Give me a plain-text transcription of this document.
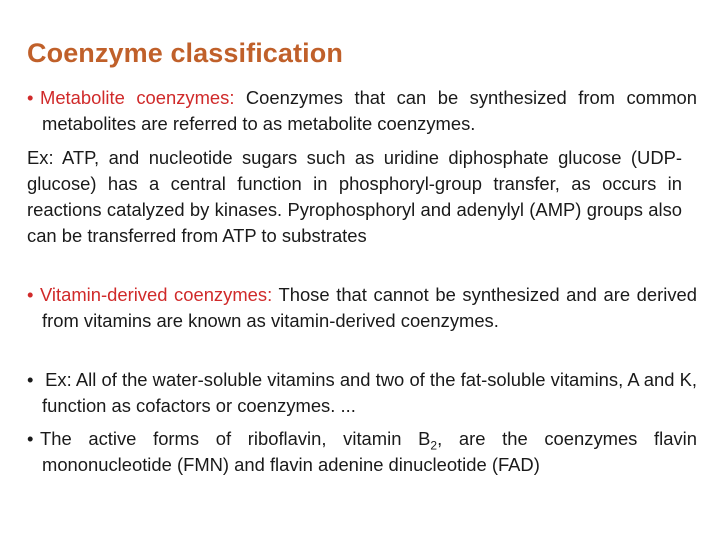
Coenzyme classification

• Metabolite coenzymes: Coenzymes that can be synthesized from common metabolites are referred to as metabolite coenzymes.

Ex: ATP, and nucleotide sugars such as uridine diphosphate glucose (UDP-glucose) has a central function in phosphoryl-group transfer, as occurs in reactions catalyzed by kinases. Pyrophosphoryl and adenylyl (AMP) groups also can be transferred from ATP to substrates

• Vitamin-derived coenzymes: Those that cannot be synthesized and are derived from vitamins are known as vitamin-derived coenzymes.

• Ex: All of the water-soluble vitamins and two of the fat-soluble vitamins, A and K, function as cofactors or coenzymes. ...

• The active forms of riboflavin, vitamin $B_2$, are the coenzymes flavin mononucleotide (FMN) and flavin adenine dinucleotide (FAD)
